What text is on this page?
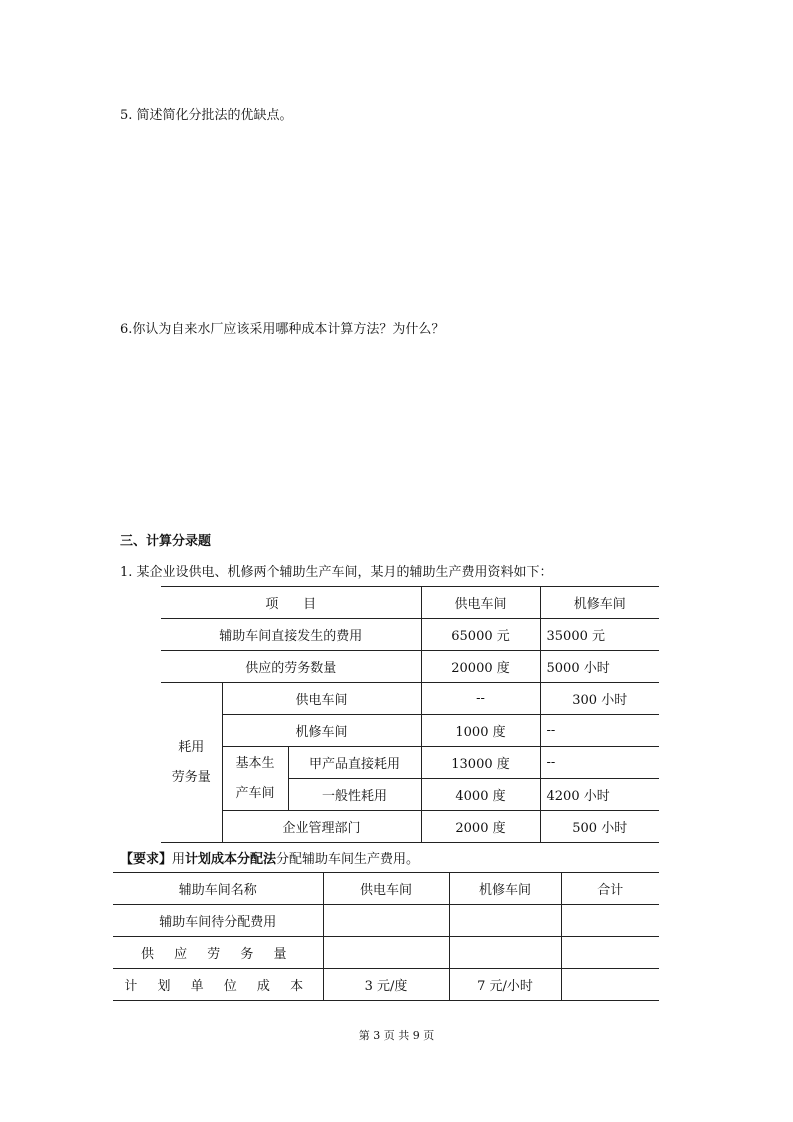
5. 简述简化分批法的优缺点。
6.你认为自来水厂应该采用哪种成本计算方法？为什么？
三、计算分录题
1. 某企业设供电、机修两个辅助生产车间，某月的辅助生产费用资料如下：
项      目			供电车间	机修车间
辅助车间直接发生的费用			65000 元	35000 元
供应的劳务数量			20000 度	5000 小时

耗用
劳务量	供电车间		--	300 小时
	机修车间		1000 度	--

	基本生
产车间	甲产品直接耗用	13000 度	--
		一般性耗用	4000 度	4200 小时
	企业管理部门		2000 度	500 小时
【要求】用计划成本分配法分配辅助车间生产费用。
辅助车间名称	供电车间	机修车间	合计
辅助车间待分配费用			
供 应 劳 务 量			
计 划 单 位 成 本	3 元/度	7 元/小时	
第 3 页 共 9 页
